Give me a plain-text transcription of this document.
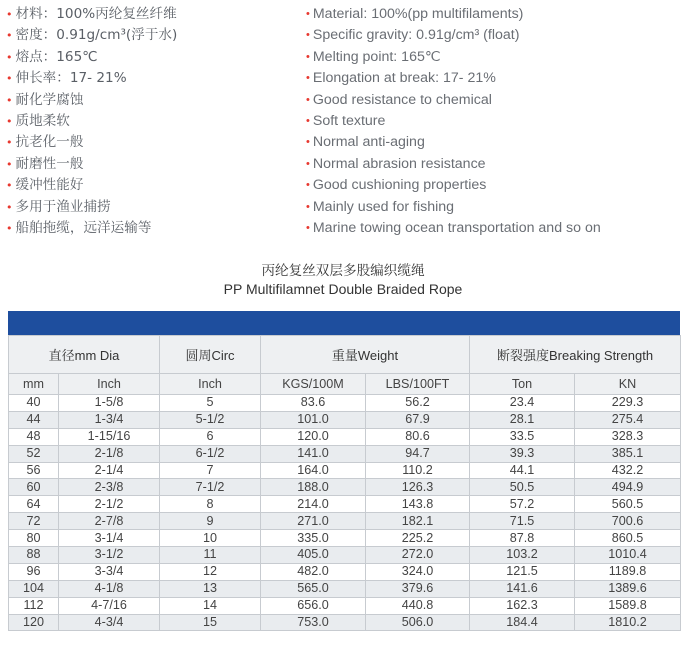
• 材料：100%丙纶复丝纤维
• 密度：0.91g/cm³(浮于水)
• 熔点：165℃
• 伸长率：17- 21%
• 耐化学腐蚀
• 质地柔软
• 抗老化一般
• 耐磨性一般
• 缓冲性能好
• 多用于渔业捕捞
• 船舶拖缆，远洋运输等
• Material: 100%(pp multifilaments)
• Specific gravity: 0.91g/cm³ (float)
• Melting point: 165℃
• Elongation at break: 17- 21%
• Good resistance to chemical
• Soft texture
• Normal anti-aging
• Normal abrasion resistance
• Good cushioning properties
• Mainly used for fishing
• Marine towing ocean transportation and so on
丙纶复丝双层多股编织缆绳
PP Multifilamnet Double Braided Rope
直径mm Dia		圆周Circ	重量Weight		断裂强度Breaking Strength	
mm	Inch	Inch	KGS/100M	LBS/100FT	Ton	KN
40	1-5/8	5	83.6	56.2	23.4	229.3
44	1-3/4	5-1/2	101.0	67.9	28.1	275.4
48	1-15/16	6	120.0	80.6	33.5	328.3
52	2-1/8	6-1/2	141.0	94.7	39.3	385.1
56	2-1/4	7	164.0	110.2	44.1	432.2
60	2-3/8	7-1/2	188.0	126.3	50.5	494.9
64	2-1/2	8	214.0	143.8	57.2	560.5
72	2-7/8	9	271.0	182.1	71.5	700.6
80	3-1/4	10	335.0	225.2	87.8	860.5
88	3-1/2	11	405.0	272.0	103.2	1010.4
96	3-3/4	12	482.0	324.0	121.5	1189.8
104	4-1/8	13	565.0	379.6	141.6	1389.6
112	4-7/16	14	656.0	440.8	162.3	1589.8
120	4-3/4	15	753.0	506.0	184.4	1810.2
